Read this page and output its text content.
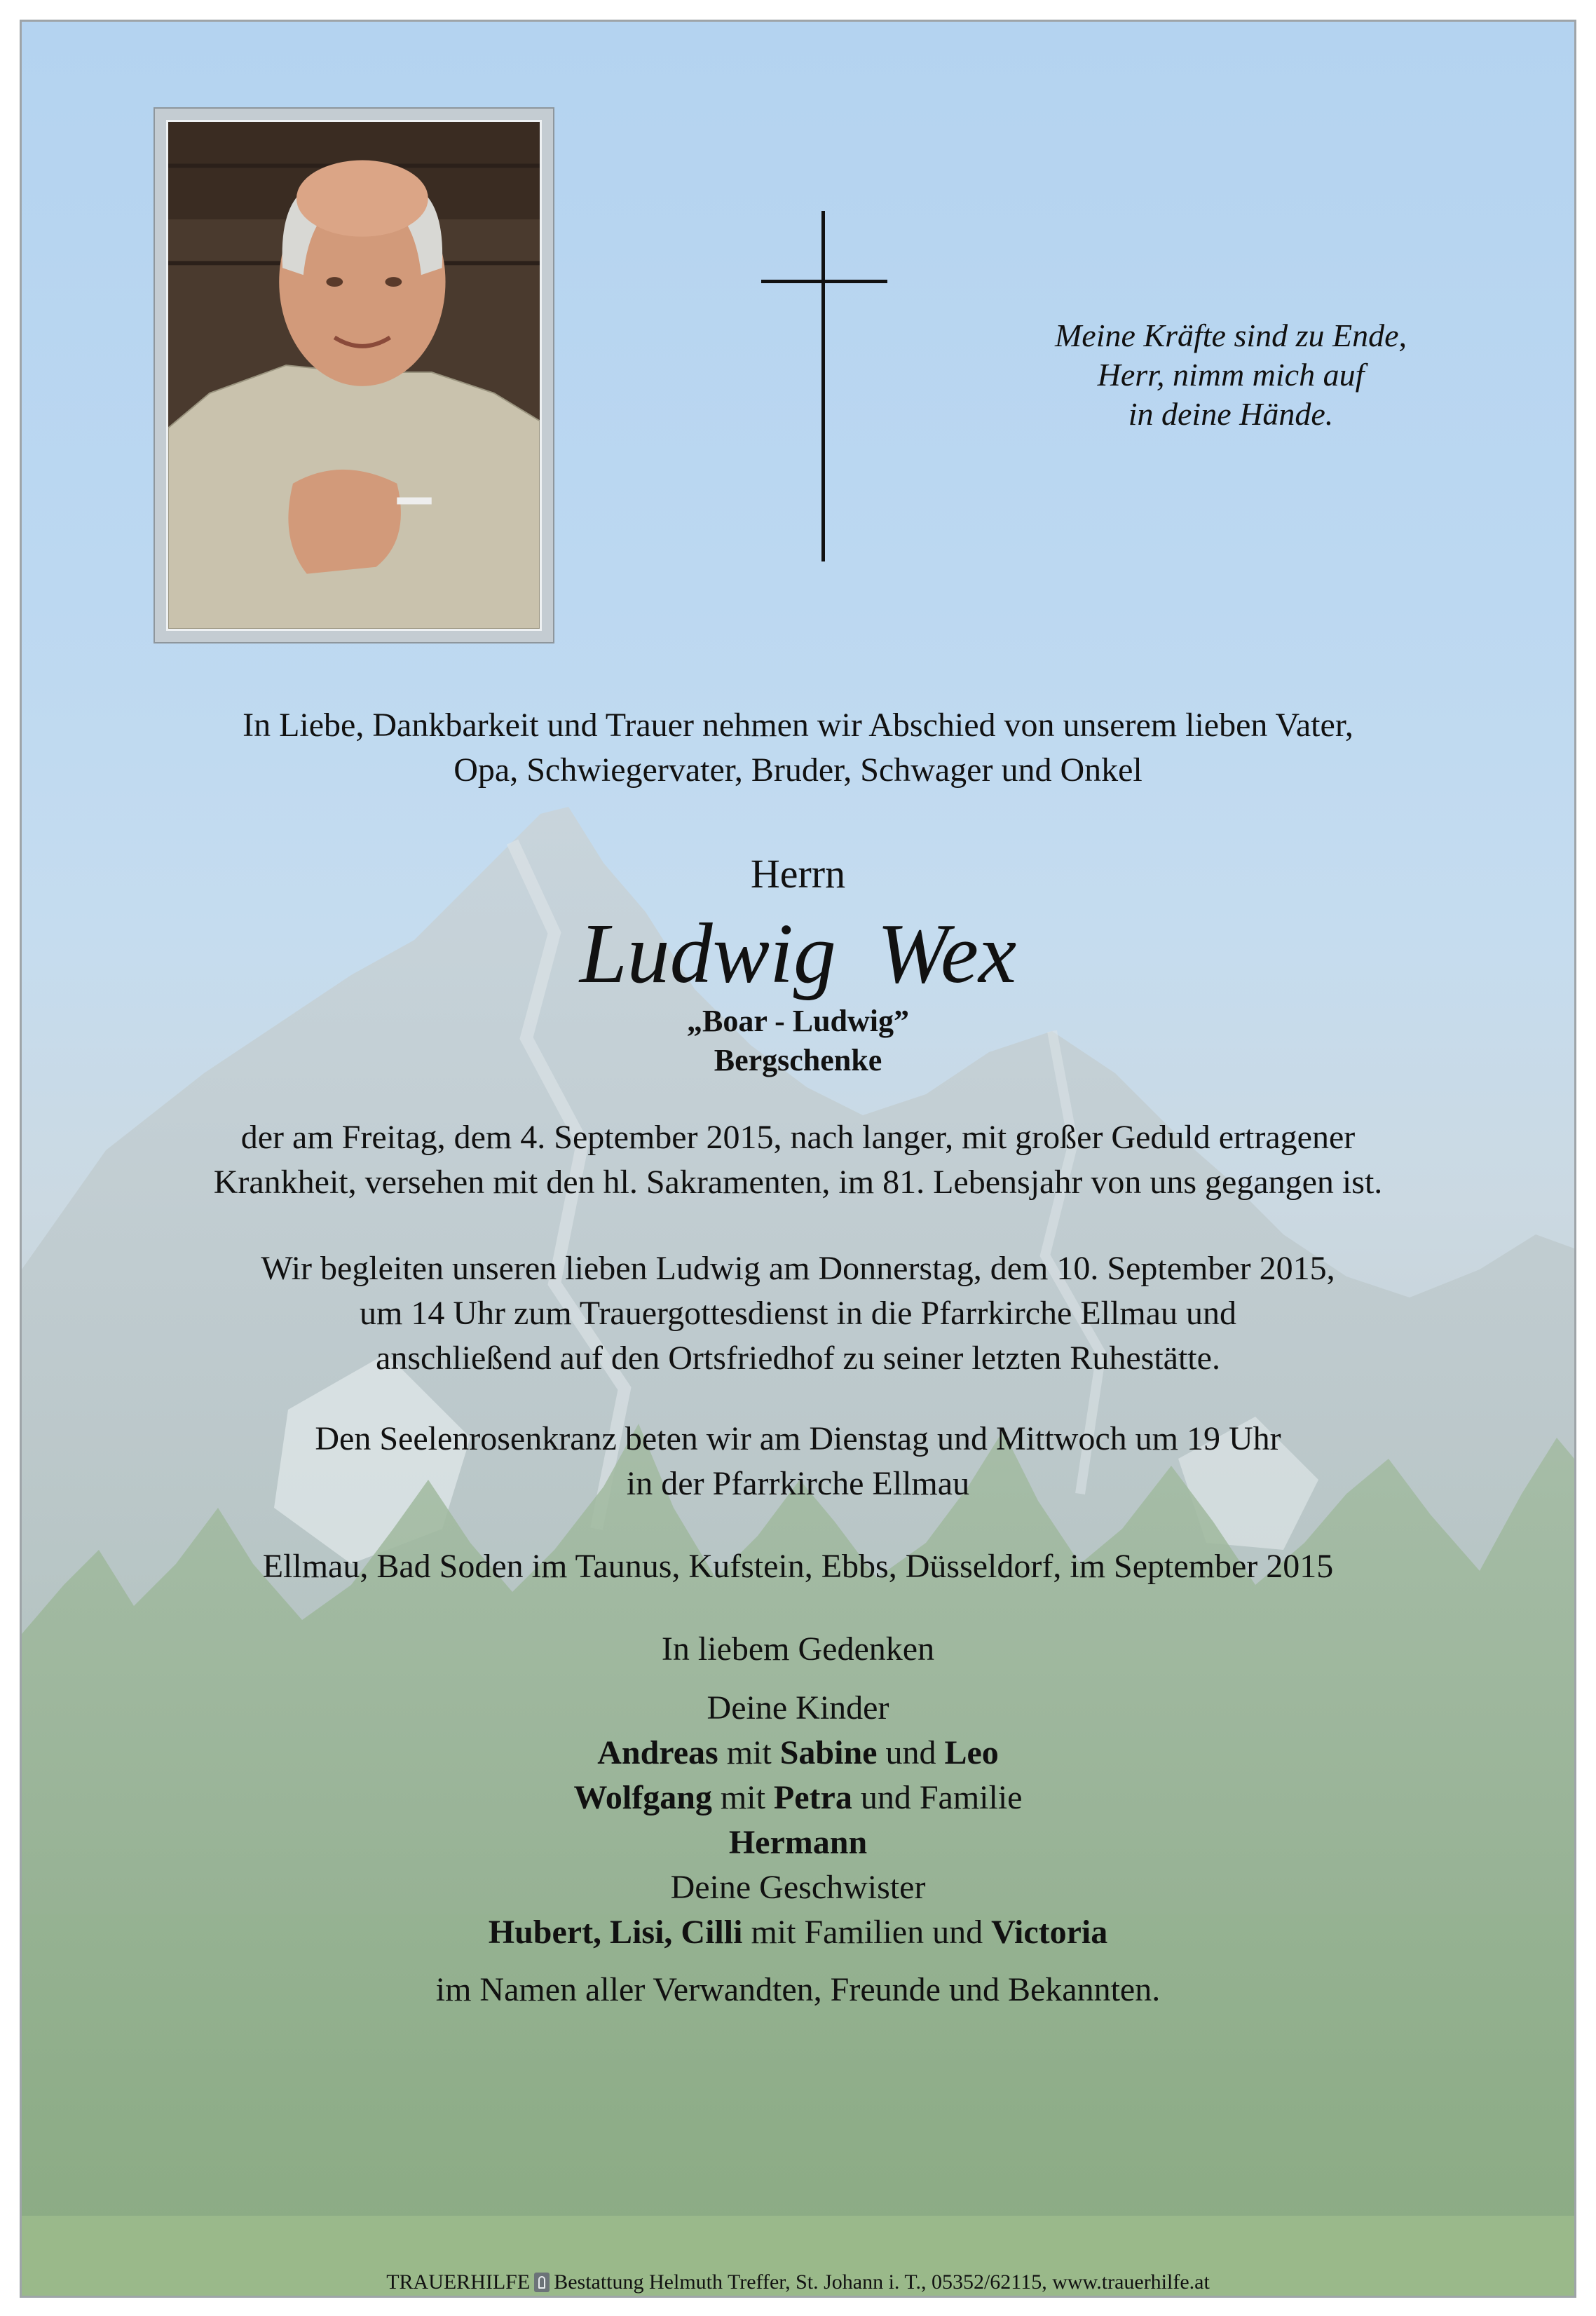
Meine Kräfte sind zu Ende,
Herr, nimm mich auf
in deine Hände.
In Liebe, Dankbarkeit und Trauer nehmen wir Abschied von unserem lieben Vater,
Opa, Schwiegervater, Bruder, Schwager und Onkel
Herrn
Ludwig Wex
„Boar - Ludwig”
Bergschenke
der am Freitag, dem 4. September 2015, nach langer, mit großer Geduld ertragener
Krankheit, versehen mit den hl. Sakramenten, im 81. Lebensjahr von uns gegangen ist.
Wir begleiten unseren lieben Ludwig am Donnerstag, dem 10. September 2015,
um 14 Uhr zum Trauergottesdienst in die Pfarrkirche Ellmau und
anschließend auf den Ortsfriedhof zu seiner letzten Ruhestätte.
Den Seelenrosenkranz beten wir am Dienstag und Mittwoch um 19 Uhr
in der Pfarrkirche Ellmau
Ellmau, Bad Soden im Taunus, Kufstein, Ebbs, Düsseldorf, im September 2015
In liebem Gedenken
Deine Kinder
Andreas mit Sabine und Leo
Wolfgang mit Petra und Familie
Hermann
Deine Geschwister
Hubert, Lisi, Cilli mit Familien und Victoria
im Namen aller Verwandten, Freunde und Bekannten.
TRAUERHILFE Bestattung Helmuth Treffer, St. Johann i. T., 05352/62115, www.trauerhilfe.at
